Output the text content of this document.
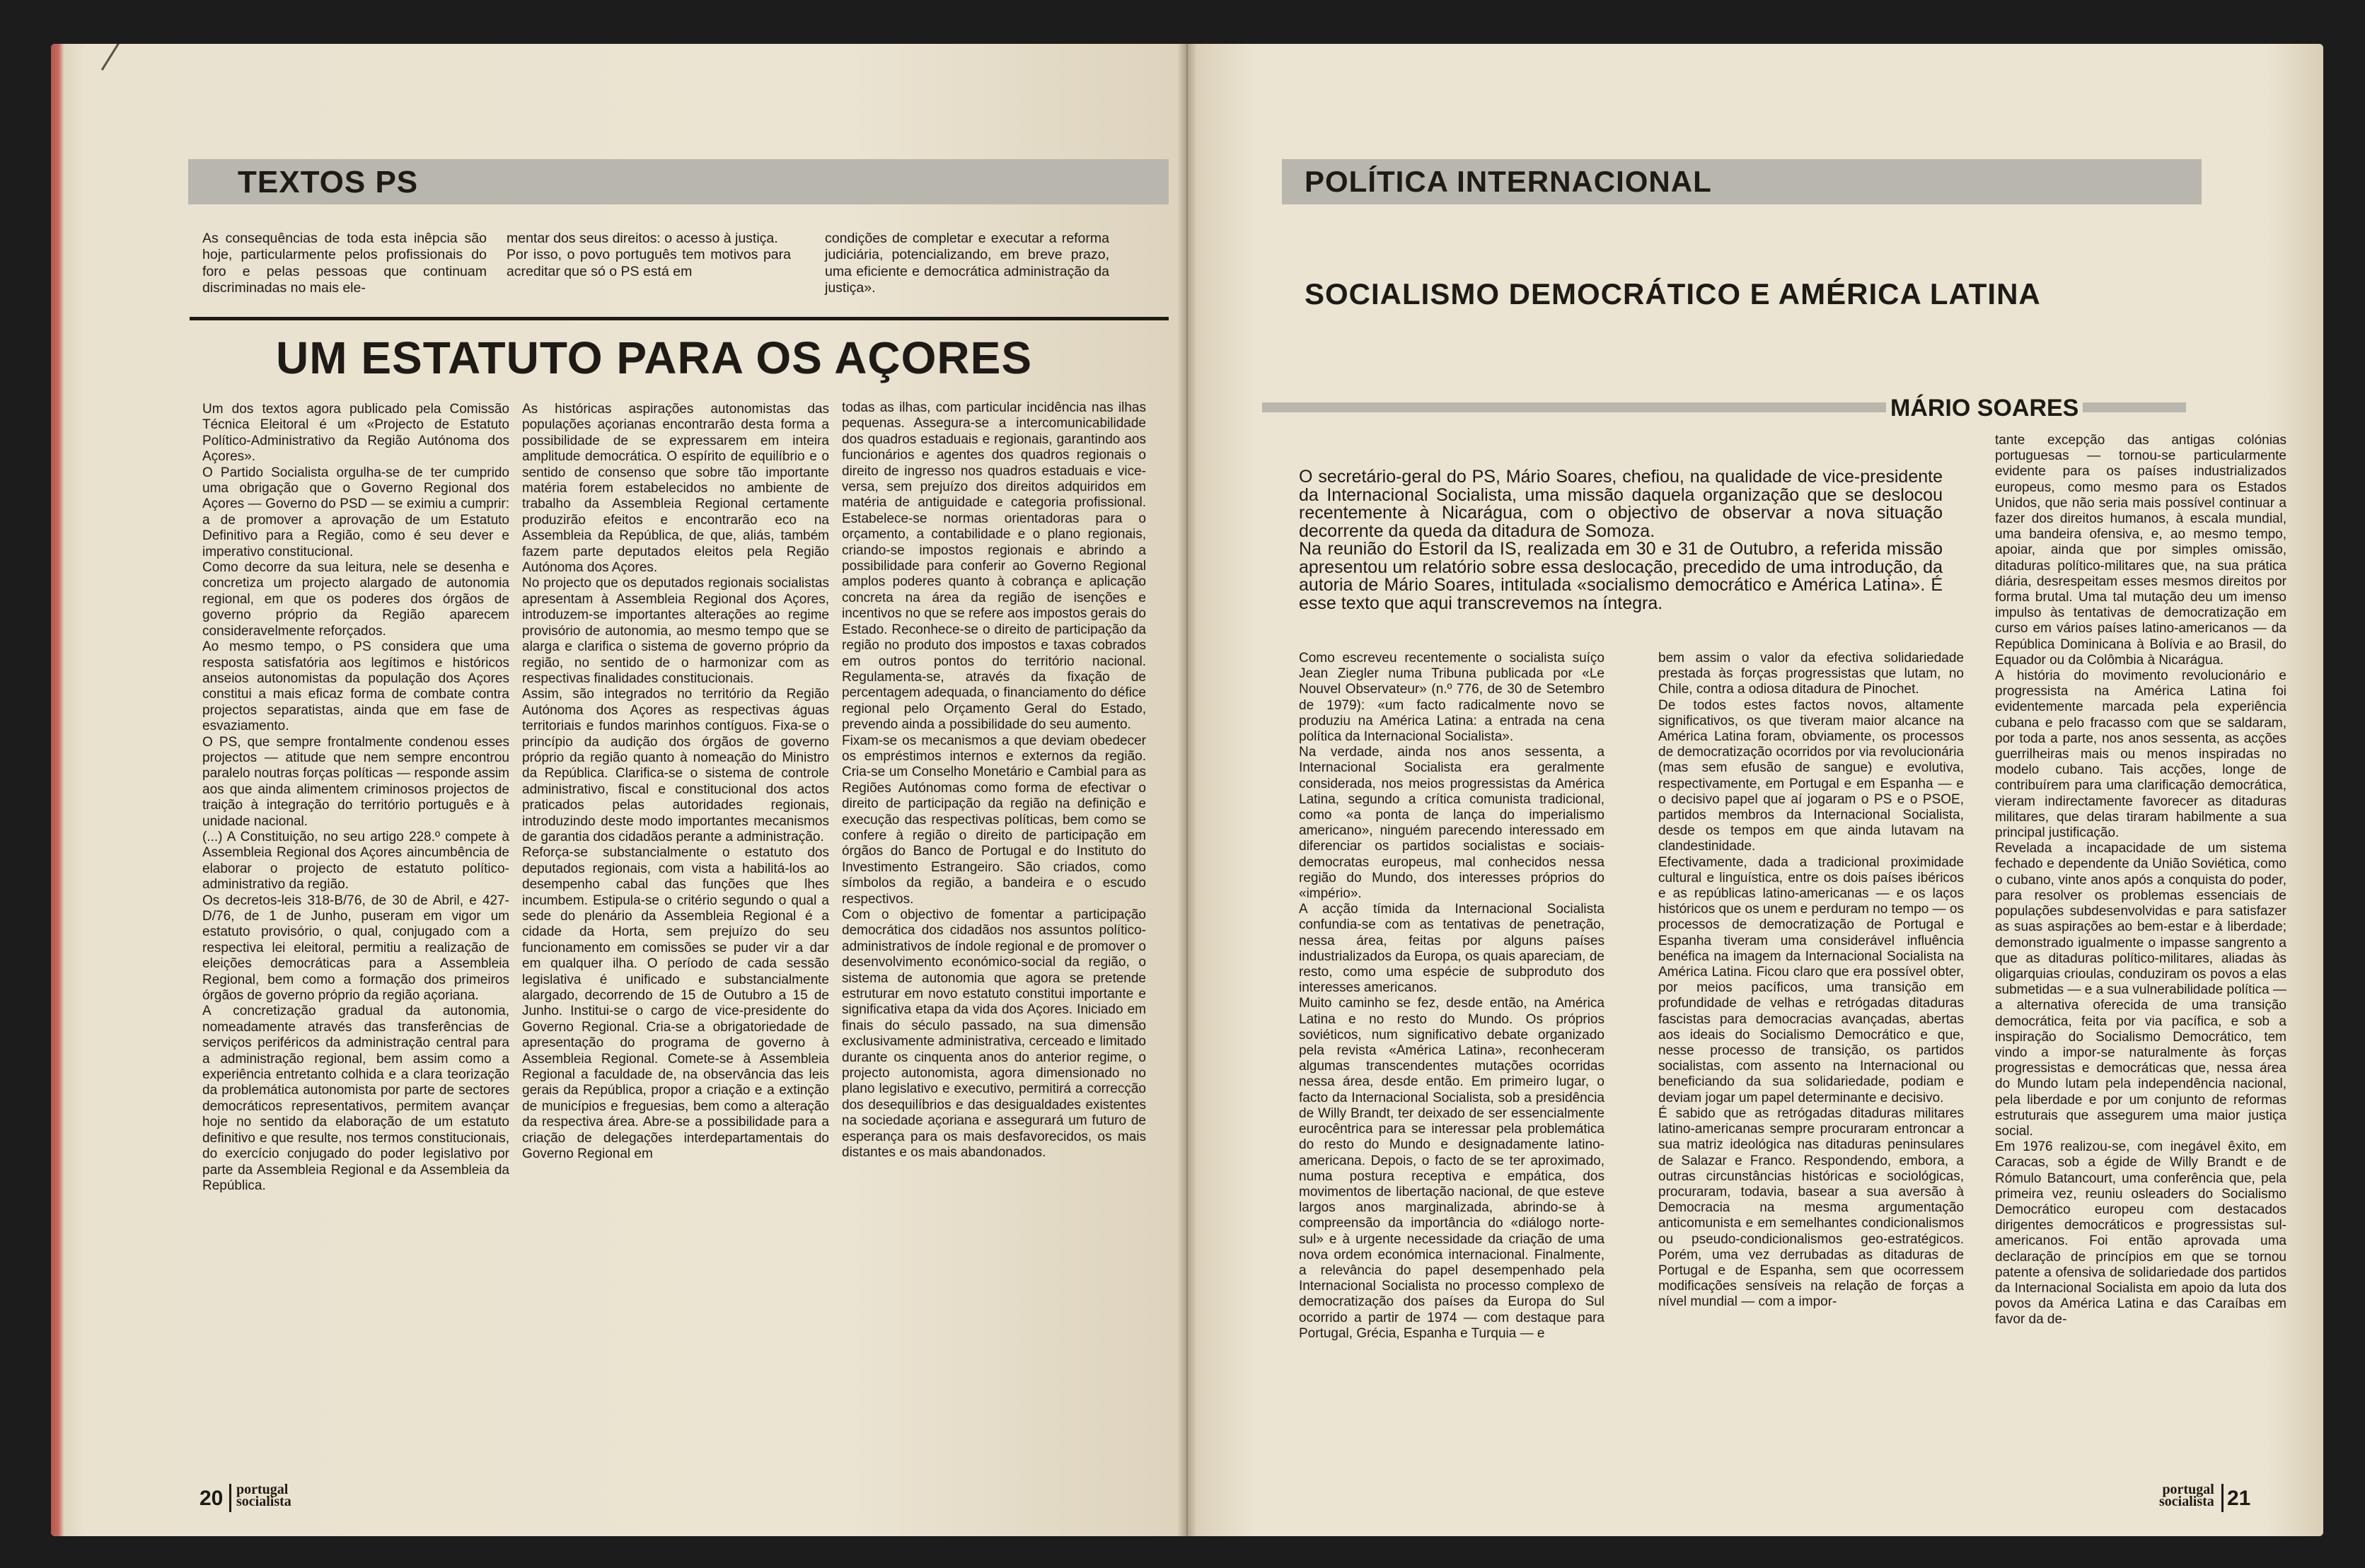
TEXTOS PS
As consequências de toda esta inêpcia são hoje, particularmente pelos profissionais do foro e pelas pessoas que continuam discriminadas no mais ele-
mentar dos seus direitos: o acesso à justiça.
Por isso, o povo português tem motivos para acreditar que só o PS está em
condições de completar e executar a reforma judiciária, potencializando, em breve prazo, uma eficiente e democrática administração da justiça».
UM ESTATUTO PARA OS AÇORES
Um dos textos agora publicado pela Comissão Técnica Eleitoral é um «Projecto de Estatuto Político-Administrativo da Região Autónoma dos Açores».
O Partido Socialista orgulha-se de ter cumprido uma obrigação que o Governo Regional dos Açores — Governo do PSD — se eximiu a cumprir: a de promover a aprovação de um Estatuto Definitivo para a Região, como é seu dever e imperativo constitucional.
Como decorre da sua leitura, nele se desenha e concretiza um projecto alargado de autonomia regional, em que os poderes dos órgãos de governo próprio da Região aparecem consideravelmente reforçados.
Ao mesmo tempo, o PS considera que uma resposta satisfatória aos legítimos e históricos anseios autonomistas da população dos Açores constitui a mais eficaz forma de combate contra projectos separatistas, ainda que em fase de esvaziamento.
O PS, que sempre frontalmente condenou esses projectos — atitude que nem sempre encontrou paralelo noutras forças políticas — responde assim aos que ainda alimentem criminosos projectos de traição à integração do território português e à unidade nacional.
(...) A Constituição, no seu artigo 228.º compete à Assembleia Regional dos Açores aincumbência de elaborar o projecto de estatuto político-administrativo da região.
Os decretos-leis 318-B/76, de 30 de Abril, e 427-D/76, de 1 de Junho, puseram em vigor um estatuto provisório, o qual, conjugado com a respectiva lei eleitoral, permitiu a realização de eleições democráticas para a Assembleia Regional, bem como a formação dos primeiros órgãos de governo próprio da região açoriana.
A concretização gradual da autonomia, nomeadamente através das transferências de serviços periféricos da administração central para a administração regional, bem assim como a experiência entretanto colhida e a clara teorização da problemática autonomista por parte de sectores democráticos representativos, permitem avançar hoje no sentido da elaboração de um estatuto definitivo e que resulte, nos termos constitucionais, do exercício conjugado do poder legislativo por parte da Assembleia Regional e da Assembleia da República.
As históricas aspirações autonomistas das populações açorianas encontrarão desta forma a possibilidade de se expressarem em inteira amplitude democrática. O espírito de equilíbrio e o sentido de consenso que sobre tão importante matéria forem estabelecidos no ambiente de trabalho da Assembleia Regional certamente produzirão efeitos e encontrarão eco na Assembleia da República, de que, aliás, também fazem parte deputados eleitos pela Região Autónoma dos Açores.
No projecto que os deputados regionais socialistas apresentam à Assembleia Regional dos Açores, introduzem-se importantes alterações ao regime provisório de autonomia, ao mesmo tempo que se alarga e clarifica o sistema de governo próprio da região, no sentido de o harmonizar com as respectivas finalidades constitucionais.
Assim, são integrados no território da Região Autónoma dos Açores as respectivas águas territoriais e fundos marinhos contíguos. Fixa-se o princípio da audição dos órgãos de governo próprio da região quanto à nomeação do Ministro da República. Clarifica-se o sistema de controle administrativo, fiscal e constitucional dos actos praticados pelas autoridades regionais, introduzindo deste modo importantes mecanismos de garantia dos cidadãos perante a administração.
Reforça-se substancialmente o estatuto dos deputados regionais, com vista a habilitá-los ao desempenho cabal das funções que lhes incumbem. Estipula-se o critério segundo o qual a sede do plenário da Assembleia Regional é a cidade da Horta, sem prejuízo do seu funcionamento em comissões se puder vir a dar em qualquer ilha. O período de cada sessão legislativa é unificado e substancialmente alargado, decorrendo de 15 de Outubro a 15 de Junho. Institui-se o cargo de vice-presidente do Governo Regional. Cria-se a obrigatoriedade de apresentação do programa de governo à Assembleia Regional. Comete-se à Assembleia Regional a faculdade de, na observância das leis gerais da República, propor a criação e a extinção de municípios e freguesias, bem como a alteração da respectiva área. Abre-se a possibilidade para a criação de delegações interdepartamentais do Governo Regional em
todas as ilhas, com particular incidência nas ilhas pequenas. Assegura-se a intercomunicabilidade dos quadros estaduais e regionais, garantindo aos funcionários e agentes dos quadros regionais o direito de ingresso nos quadros estaduais e vice-versa, sem prejuízo dos direitos adquiridos em matéria de antiguidade e categoria profissional. Estabelece-se normas orientadoras para o orçamento, a contabilidade e o plano regionais, criando-se impostos regionais e abrindo a possibilidade para conferir ao Governo Regional amplos poderes quanto à cobrança e aplicação concreta na área da região de isenções e incentivos no que se refere aos impostos gerais do Estado. Reconhece-se o direito de participação da região no produto dos impostos e taxas cobrados em outros pontos do território nacional. Regulamenta-se, através da fixação de percentagem adequada, o financiamento do défice regional pelo Orçamento Geral do Estado, prevendo ainda a possibilidade do seu aumento.
Fixam-se os mecanismos a que deviam obedecer os empréstimos internos e externos da região. Cria-se um Conselho Monetário e Cambial para as Regiões Autónomas como forma de efectivar o direito de participação da região na definição e execução das respectivas políticas, bem como se confere à região o direito de participação em órgãos do Banco de Portugal e do Instituto do Investimento Estrangeiro. São criados, como símbolos da região, a bandeira e o escudo respectivos.
Com o objectivo de fomentar a participação democrática dos cidadãos nos assuntos político-administrativos de índole regional e de promover o desenvolvimento económico-social da região, o sistema de autonomia que agora se pretende estruturar em novo estatuto constitui importante e significativa etapa da vida dos Açores. Iniciado em finais do século passado, na sua dimensão exclusivamente administrativa, cerceado e limitado durante os cinquenta anos do anterior regime, o projecto autonomista, agora dimensionado no plano legislativo e executivo, permitirá a correcção dos desequilíbrios e das desigualdades existentes na sociedade açoriana e assegurará um futuro de esperança para os mais desfavorecidos, os mais distantes e os mais abandonados.
20 portugal
socialista
POLÍTICA INTERNACIONAL
SOCIALISMO DEMOCRÁTICO E AMÉRICA LATINA
MÁRIO SOARES
O secretário-geral do PS, Mário Soares, chefiou, na qualidade de vice-presidente da Internacional Socialista, uma missão daquela organização que se deslocou recentemente à Nicarágua, com o objectivo de observar a nova situação decorrente da queda da ditadura de Somoza.
Na reunião do Estoril da IS, realizada em 30 e 31 de Outubro, a referida missão apresentou um relatório sobre essa deslocação, precedido de uma introdução, da autoria de Mário Soares, intitulada «socialismo democrático e América Latina». É esse texto que aqui transcrevemos na íntegra.
Como escreveu recentemente o socialista suíço Jean Ziegler numa Tribuna publicada por «Le Nouvel Observateur» (n.º 776, de 30 de Setembro de 1979): «um facto radicalmente novo se produziu na América Latina: a entrada na cena política da Internacional Socialista».
Na verdade, ainda nos anos sessenta, a Internacional Socialista era geralmente considerada, nos meios progressistas da América Latina, segundo a crítica comunista tradicional, como «a ponta de lança do imperialismo americano», ninguém parecendo interessado em diferenciar os partidos socialistas e sociais-democratas europeus, mal conhecidos nessa região do Mundo, dos interesses próprios do «império».
A acção tímida da Internacional Socialista confundia-se com as tentativas de penetração, nessa área, feitas por alguns países industrializados da Europa, os quais apareciam, de resto, como uma espécie de subproduto dos interesses americanos.
Muito caminho se fez, desde então, na América Latina e no resto do Mundo. Os próprios soviéticos, num significativo debate organizado pela revista «América Latina», reconheceram algumas transcendentes mutações ocorridas nessa área, desde então. Em primeiro lugar, o facto da Internacional Socialista, sob a presidência de Willy Brandt, ter deixado de ser essencialmente eurocêntrica para se interessar pela problemática do resto do Mundo e designadamente latino-americana. Depois, o facto de se ter aproximado, numa postura receptiva e empática, dos movimentos de libertação nacional, de que esteve largos anos marginalizada, abrindo-se à compreensão da importância do «diálogo norte-sul» e à urgente necessidade da criação de uma nova ordem económica internacional. Finalmente, a relevância do papel desempenhado pela Internacional Socialista no processo complexo de democratização dos países da Europa do Sul ocorrido a partir de 1974 — com destaque para Portugal, Grécia, Espanha e Turquia — e
bem assim o valor da efectiva solidariedade prestada às forças progressistas que lutam, no Chile, contra a odiosa ditadura de Pinochet.
De todos estes factos novos, altamente significativos, os que tiveram maior alcance na América Latina foram, obviamente, os processos de democratização ocorridos por via revolucionária (mas sem efusão de sangue) e evolutiva, respectivamente, em Portugal e em Espanha — e o decisivo papel que aí jogaram o PS e o PSOE, partidos membros da Internacional Socialista, desde os tempos em que ainda lutavam na clandestinidade.
Efectivamente, dada a tradicional proximidade cultural e linguística, entre os dois países ibéricos e as repúblicas latino-americanas — e os laços históricos que os unem e perduram no tempo — os processos de democratização de Portugal e Espanha tiveram uma considerável influência benéfica na imagem da Internacional Socialista na América Latina. Ficou claro que era possível obter, por meios pacíficos, uma transição em profundidade de velhas e retrógadas ditaduras fascistas para democracias avançadas, abertas aos ideais do Socialismo Democrático e que, nesse processo de transição, os partidos socialistas, com assento na Internacional ou beneficiando da sua solidariedade, podiam e deviam jogar um papel determinante e decisivo.
É sabido que as retrógadas ditaduras militares latino-americanas sempre procuraram entroncar a sua matriz ideológica nas ditaduras peninsulares de Salazar e Franco. Respondendo, embora, a outras circunstâncias históricas e sociológicas, procuraram, todavia, basear a sua aversão à Democracia na mesma argumentação anticomunista e em semelhantes condicionalismos ou pseudo-condicionalismos geo-estratégicos. Porém, uma vez derrubadas as ditaduras de Portugal e de Espanha, sem que ocorressem modificações sensíveis na relação de forças a nível mundial — com a impor-
tante excepção das antigas colónias portuguesas — tornou-se particularmente evidente para os países industrializados europeus, como mesmo para os Estados Unidos, que não seria mais possível continuar a fazer dos direitos humanos, à escala mundial, uma bandeira ofensiva, e, ao mesmo tempo, apoiar, ainda que por simples omissão, ditaduras político-militares que, na sua prática diária, desrespeitam esses mesmos direitos por forma brutal. Uma tal mutação deu um imenso impulso às tentativas de democratização em curso em vários países latino-americanos — da República Dominicana à Bolívia e ao Brasil, do Equador ou da Colômbia à Nicarágua.
A história do movimento revolucionário e progressista na América Latina foi evidentemente marcada pela experiência cubana e pelo fracasso com que se saldaram, por toda a parte, nos anos sessenta, as acções guerrilheiras mais ou menos inspiradas no modelo cubano. Tais acções, longe de contribuírem para uma clarificação democrática, vieram indirectamente favorecer as ditaduras militares, que delas tiraram habilmente a sua principal justificação.
Revelada a incapacidade de um sistema fechado e dependente da União Soviética, como o cubano, vinte anos após a conquista do poder, para resolver os problemas essenciais de populações subdesenvolvidas e para satisfazer as suas aspirações ao bem-estar e à liberdade; demonstrado igualmente o impasse sangrento a que as ditaduras político-militares, aliadas às oligarquias crioulas, conduziram os povos a elas submetidas — e a sua vulnerabilidade política — a alternativa oferecida de uma transição democrática, feita por via pacífica, e sob a inspiração do Socialismo Democrático, tem vindo a impor-se naturalmente às forças progressistas e democráticas que, nessa área do Mundo lutam pela independência nacional, pela liberdade e por um conjunto de reformas estruturais que assegurem uma maior justiça social.
Em 1976 realizou-se, com inegável êxito, em Caracas, sob a égide de Willy Brandt e de Rómulo Batancourt, uma conferência que, pela primeira vez, reuniu osleaders do Socialismo Democrático europeu com destacados dirigentes democráticos e progressistas sul-americanos. Foi então aprovada uma declaração de princípios em que se tornou patente a ofensiva de solidariedade dos partidos da Internacional Socialista em apoio da luta dos povos da América Latina e das Caraíbas em favor da de-
portugal
socialista 21
